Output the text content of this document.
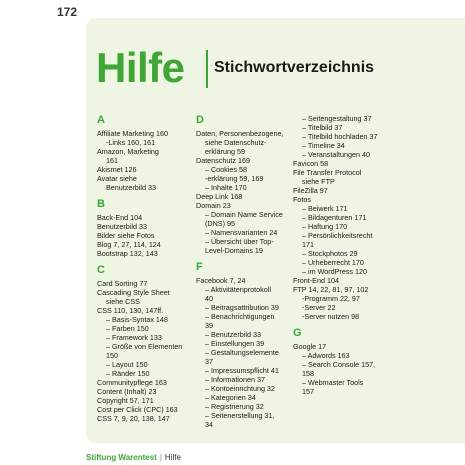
172
Hilfe Stichwortverzeichnis
A
Affiliate Marketing 160
-Links 160, 161
Amazon, Marketing
161
Akismet 126
Avatar siehe
Benutzerbild 33
B
Back-End 104
Benutzerbild 33
Bilder siehe Fotos
Blog 7, 27, 114, 124
Bootstrap 132, 143
C
Card Sorting 77
Cascading Style Sheet
siehe CSS
CSS 110, 130, 147ff.
– Basis-Syntax 148
– Farben 150
– Framework 133
– Größe von Elementen
150
– Layout 150
– Ränder 150
Communitypflege 163
Content (Inhalt) 23
Copyright 57, 171
Cost per Click (CPC) 163
CSS 7, 9, 20, 138, 147
D
Daten, Personenbezogene,
siehe Datenschutz-
erklärung 59
Datenschutz 169
– Cookies 58
-erklärung 59, 169
– Inhalte 170
Deep Link 168
Domain 23
– Domain Name Service
(DNS) 95
– Namensvarianten 24
– Übersicht über Top-
Level-Domains 19
F
Facebook 7, 24
– Aktivitätenprotokoll
40
– Beitragsattribution 39
– Benachrichtigungen
39
– Benutzerbild 33
– Einstellungen 39
– Gestaltungselemente
37
– Impressumspflicht 41
– Informationen 37
– Kontoeinrichtung 32
– Kategorien 34
– Registrierung 32
– Seitenerstellung 31,
34
– Seitengestaltung 37
– Titelbild 37
– Titelbild hochladen 37
– Timeline 34
– Veranstaltungen 40
Favicon 58
File Transfer Protocol
siehe FTP
FileZilla 97
Fotos
– Beiwerk 171
– Bildagenturen 171
– Haftung 170
– Persönlichkeitsrecht
171
– Stockphotos 29
– Urheberrecht 170
– im WordPress 120
Front-End 104
FTP 14, 22, 81, 97, 102
-Programm 22, 97
-Server 22
-Server nutzen 98
G
Google 17
– Adwords 163
– Search Console 157,
158
– Webmaster Tools
157
Stiftung Warentest | Hilfe
